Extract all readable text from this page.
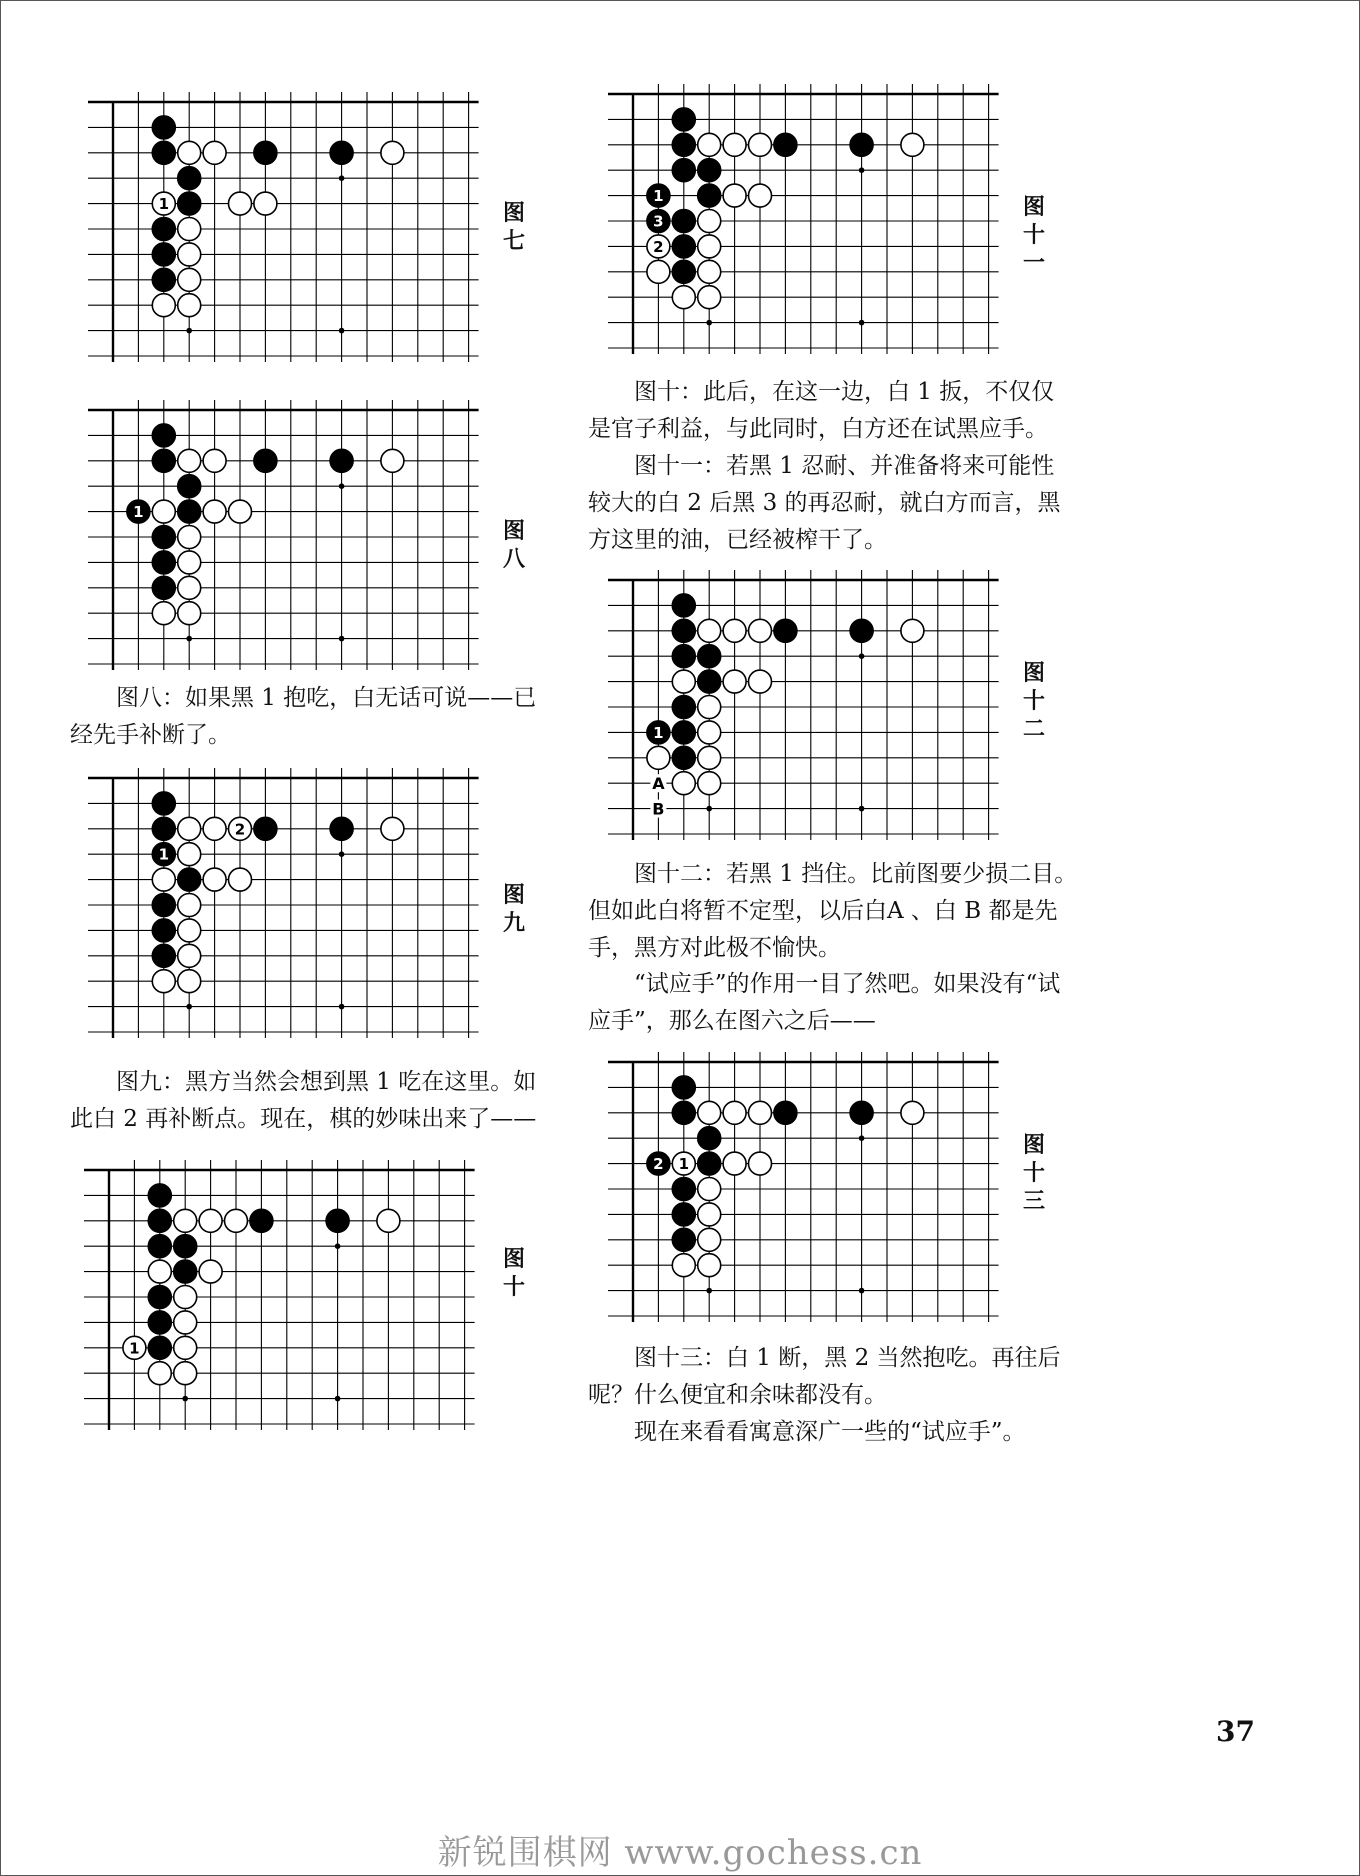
1
1
1
2
1
1
3
2
1
A
B
2 1
图
七
图
八
图
九
图
十
图
十
一
图
十
二
图
十
三
图八：如果黑 1 抱吃，白无话可说——已
经先手补断了。
图九：黑方当然会想到黑 1 吃在这里。如
此白 2 再补断点。现在，棋的妙味出来了——
图十：此后，在这一边，白 1 扳，不仅仅
是官子利益，与此同时，白方还在试黑应手。
图十一：若黑 1 忍耐、并准备将来可能性
较大的白 2 后黑 3 的再忍耐，就白方而言，黑
方这里的油，已经被榨干了。
图十二：若黑 1 挡住。比前图要少损二目。
但如此白将暂不定型，以后白A 、白 B 都是先
手，黑方对此极不愉快。
“试应手”的作用一目了然吧。如果没有“试
应手”，那么在图六之后——
图十三：白 1 断，黑 2 当然抱吃。再往后
呢？什么便宜和余味都没有。
现在来看看寓意深广一些的“试应手”。
37
新锐围棋网 www.gochess.cn
